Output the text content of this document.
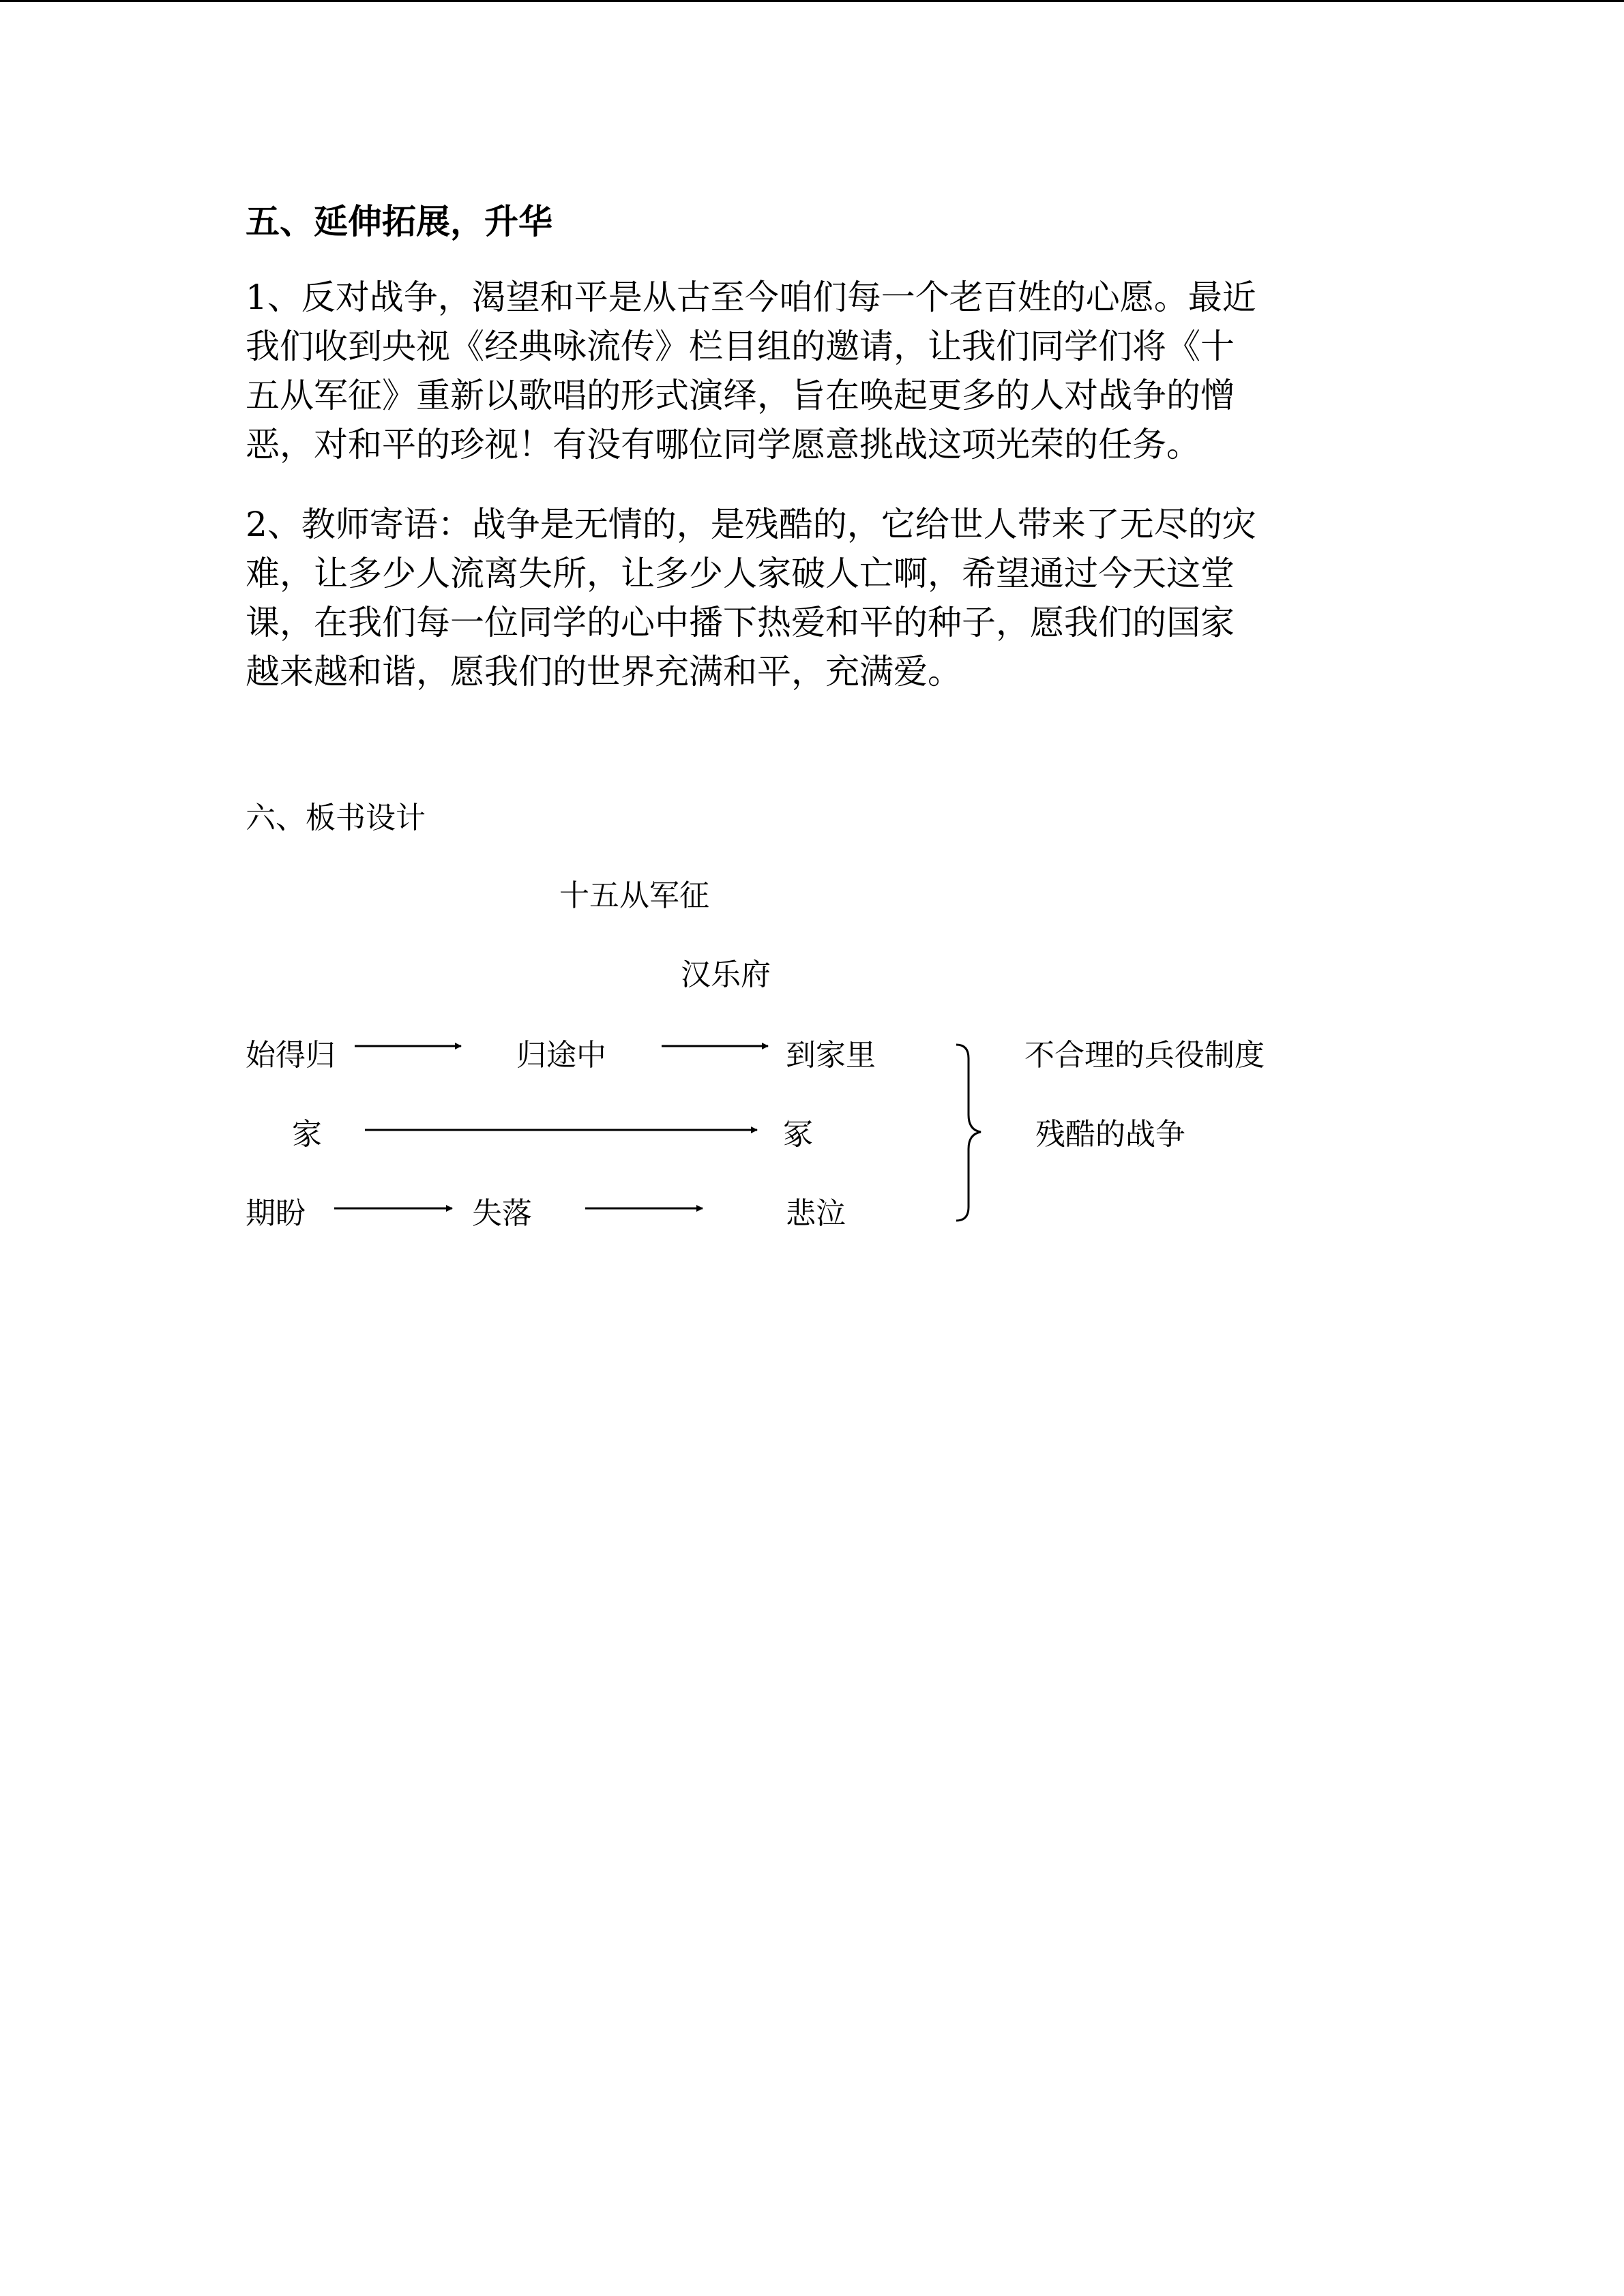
五、延伸拓展，升华

1、反对战争，渴望和平是从古至今咱们每一个老百姓的心愿。最近
我们收到央视《经典咏流传》栏目组的邀请，让我们同学们将《十
五从军征》重新以歌唱的形式演绎，旨在唤起更多的人对战争的憎
恶，对和平的珍视！有没有哪位同学愿意挑战这项光荣的任务。

2、教师寄语：战争是无情的，是残酷的，它给世人带来了无尽的灾
难，让多少人流离失所，让多少人家破人亡啊，希望通过今天这堂
课，在我们每一位同学的心中播下热爱和平的种子，愿我们的国家
越来越和谐，愿我们的世界充满和平，充满爱。

六、板书设计
十五从军征
汉乐府
始得归	归途中	到家里
家	冢
期盼	失落	悲泣
不合理的兵役制度
残酷的战争
